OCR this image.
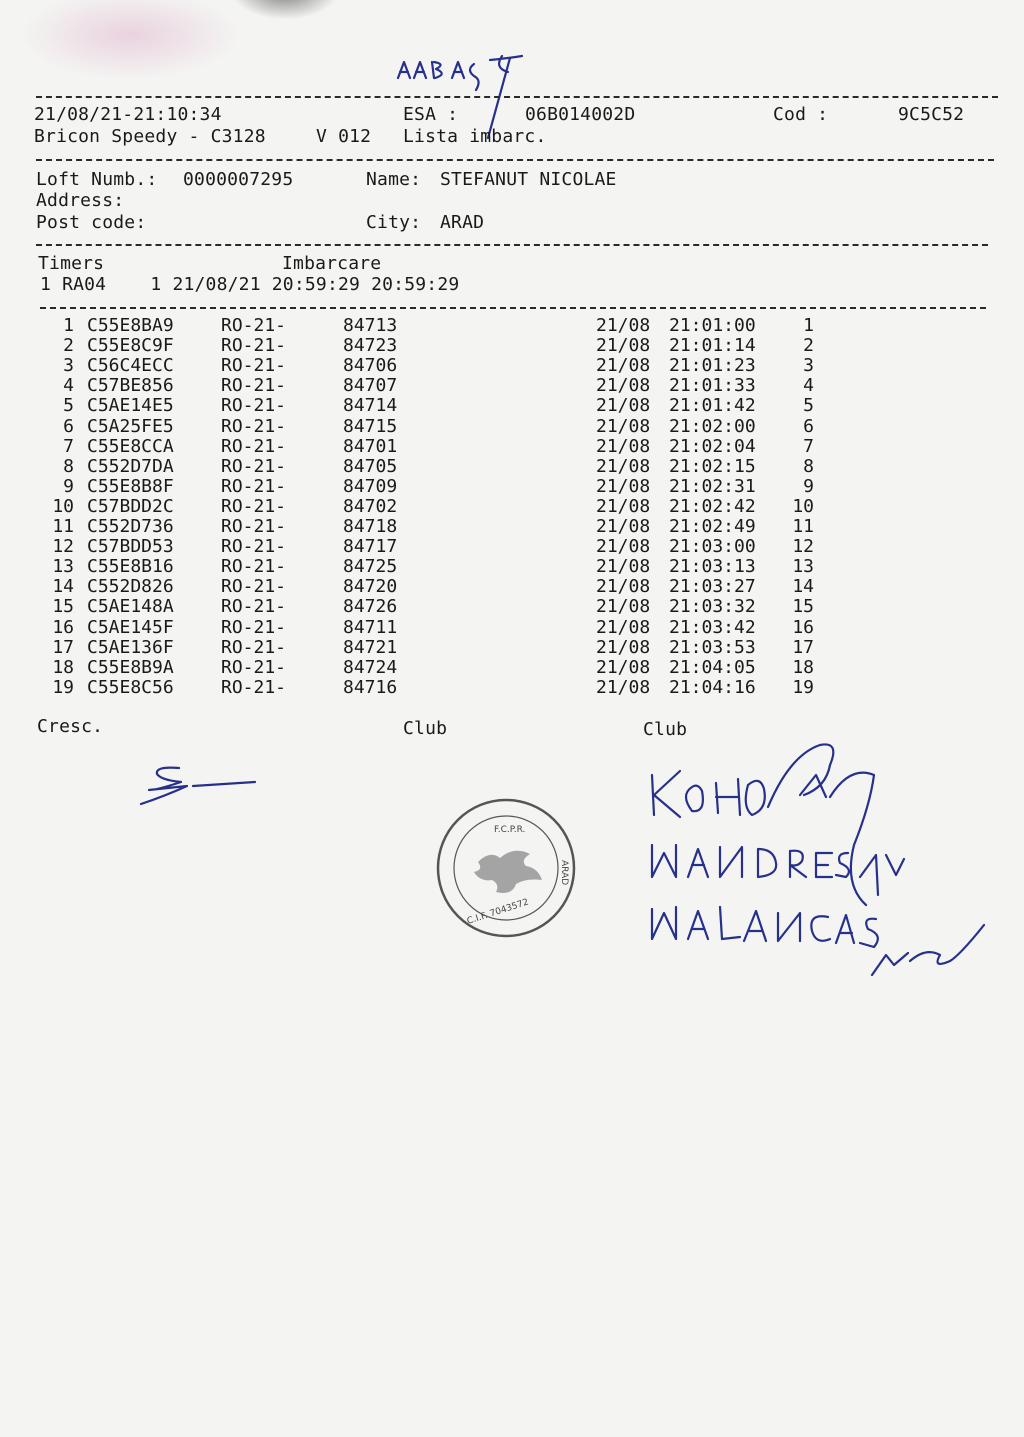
21/08/21-21:10:34	ESA :	06B014002D	Cod :	9C5C52
Bricon Speedy - C3128	V 012 Lista imbarc.
Loft Numb.: 0000007295	Name: STEFANUT NICOLAE
Address:
Post code:	City: ARAD
Timers	Imbarcare
1 RA04    1 21/08/21 20:59:29 20:59:29
1 C55E8BA9	RO-21-	84713	21/08	21:01:00	1
2 C55E8C9F	RO-21-	84723	21/08	21:01:14	2
3 C56C4ECC	RO-21-	84706	21/08	21:01:23	3
4 C57BE856	RO-21-	84707	21/08	21:01:33	4
5 C5AE14E5	RO-21-	84714	21/08	21:01:42	5
6 C5A25FE5	RO-21-	84715	21/08	21:02:00	6
7 C55E8CCA	RO-21-	84701	21/08	21:02:04	7
8 C552D7DA	RO-21-	84705	21/08	21:02:15	8
9 C55E8B8F	RO-21-	84709	21/08	21:02:31	9
10 C57BDD2C	RO-21-	84702	21/08	21:02:42	10
11 C552D736	RO-21-	84718	21/08	21:02:49	11
12 C57BDD53	RO-21-	84717	21/08	21:03:00	12
13 C55E8B16	RO-21-	84725	21/08	21:03:13	13
14 C552D826	RO-21-	84720	21/08	21:03:27	14
15 C5AE148A	RO-21-	84726	21/08	21:03:32	15
16 C5AE145F	RO-21-	84711	21/08	21:03:42	16
17 C5AE136F	RO-21-	84721	21/08	21:03:53	17
18 C55E8B9A	RO-21-	84724	21/08	21:04:05	18
19 C55E8C56	RO-21-	84716	21/08	21:04:16	19
Cresc.	Club	Club
F.C.P.R.
ARAD
C.I.F. 7043572
